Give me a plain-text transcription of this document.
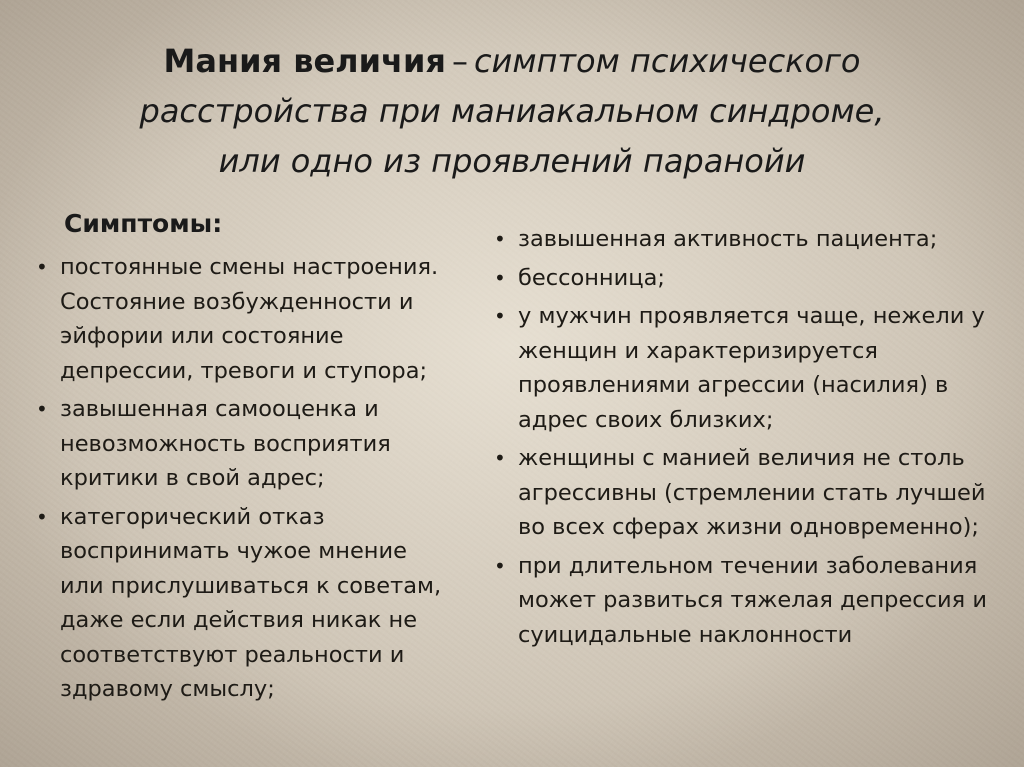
Мания величия – симптом психического
расстройства при маниакальном синдроме,
или одно из проявлений паранойи
Симптомы:
• постоянные смены настроения.
Состояние возбужденности и
эйфории или состояние
депрессии, тревоги и ступора;
• завышенная самооценка и
невозможность восприятия
критики в свой адрес;
• категорический отказ
воспринимать чужое мнение
или прислушиваться к советам,
даже если действия никак не
соответствуют реальности и
здравому смыслу;
• завышенная активность пациента;
• бессонница;
• у мужчин проявляется чаще, нежели у
женщин и характеризируется
проявлениями агрессии (насилия) в
адрес своих близких;
• женщины с манией величия не столь
агрессивны (стремлении стать лучшей
во всех сферах жизни одновременно);
• при длительном течении заболевания
может развиться тяжелая депрессия и
суицидальные наклонности
